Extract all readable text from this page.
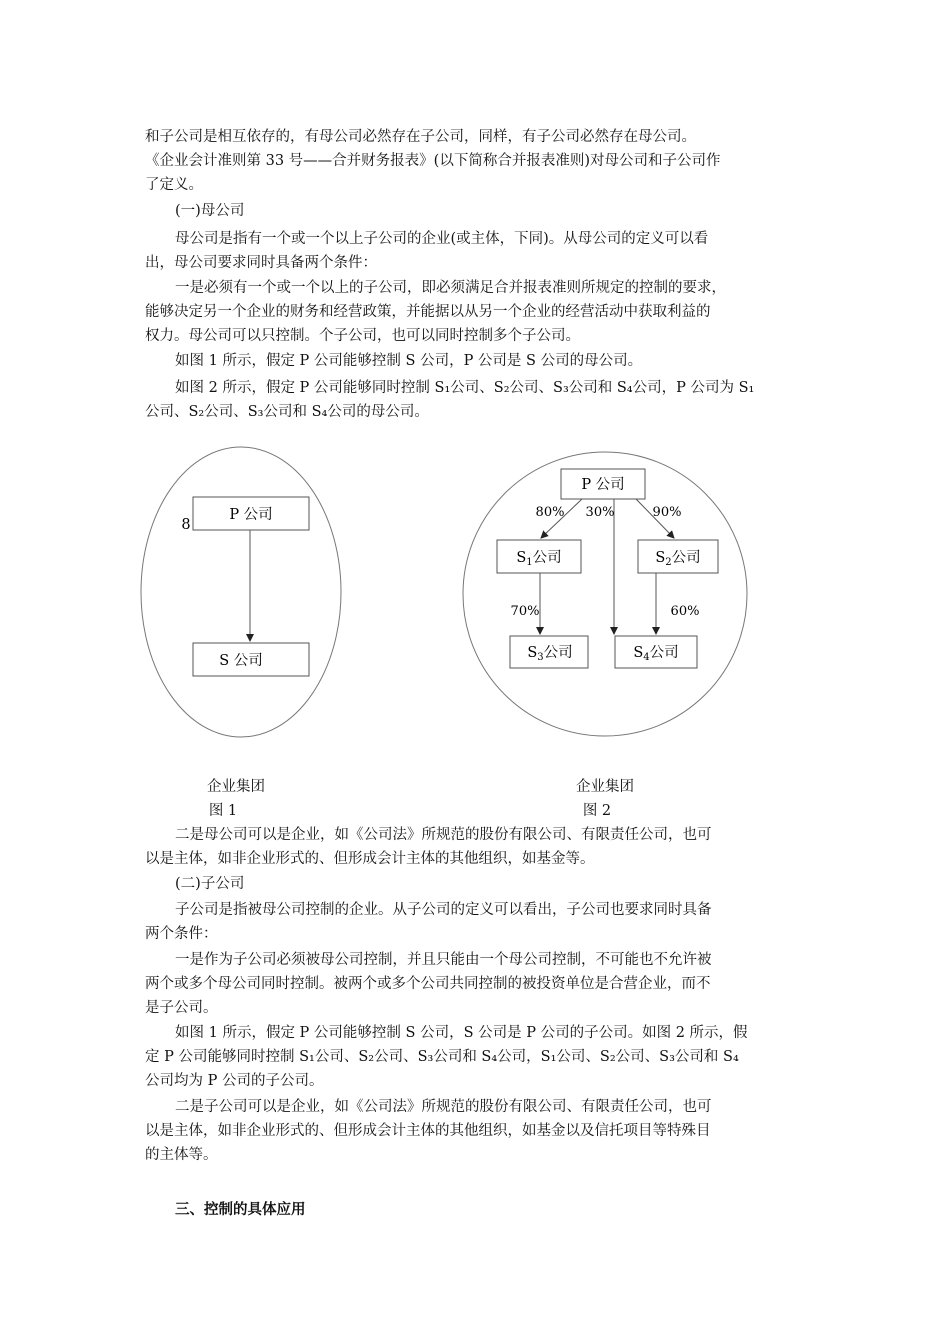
和子公司是相互依存的，有母公司必然存在子公司，同样，有子公司必然存在母公司。

《企业会计准则第 33 号——合并财务报表》(以下简称合并报表准则)对母公司和子公司作

了定义。

(一)母公司

母公司是指有一个或一个以上子公司的企业(或主体，下同)。从母公司的定义可以看

出，母公司要求同时具备两个条件：

一是必须有一个或一个以上的子公司，即必须满足合并报表准则所规定的控制的要求，

能够决定另一个企业的财务和经营政策，并能据以从另一个企业的经营活动中获取利益的

权力。母公司可以只控制。个子公司，也可以同时控制多个子公司。

如图 1 所示，假定 P 公司能够控制 S 公司，P 公司是 S 公司的母公司。

如图 2 所示，假定 P 公司能够同时控制 S₁公司、S₂公司、S₃公司和 S₄公司，P 公司为 S₁

公司、S₂公司、S₃公司和 S₄公司的母公司。

P 公司
8
S 公司
P 公司
$S_1$公司	$S_2$公司
$S_3$公司	$S_4$公司
80% 30%	90%
70%	60%
企业集团
图 1
企业集团
图 2

二是母公司可以是企业，如《公司法》所规范的股份有限公司、有限责任公司，也可

以是主体，如非企业形式的、但形成会计主体的其他组织，如基金等。

(二)子公司

子公司是指被母公司控制的企业。从子公司的定义可以看出，子公司也要求同时具备

两个条件：

一是作为子公司必须被母公司控制，并且只能由一个母公司控制，不可能也不允许被

两个或多个母公司同时控制。被两个或多个公司共同控制的被投资单位是合营企业，而不

是子公司。

如图 1 所示，假定 P 公司能够控制 S 公司，S 公司是 P 公司的子公司。如图 2 所示，假

定 P 公司能够同时控制 S₁公司、S₂公司、S₃公司和 S₄公司，S₁公司、S₂公司、S₃公司和 S₄

公司均为 P 公司的子公司。

二是子公司可以是企业，如《公司法》所规范的股份有限公司、有限责任公司，也可

以是主体，如非企业形式的、但形成会计主体的其他组织，如基金以及信托项目等特殊目

的主体等。

三、控制的具体应用
